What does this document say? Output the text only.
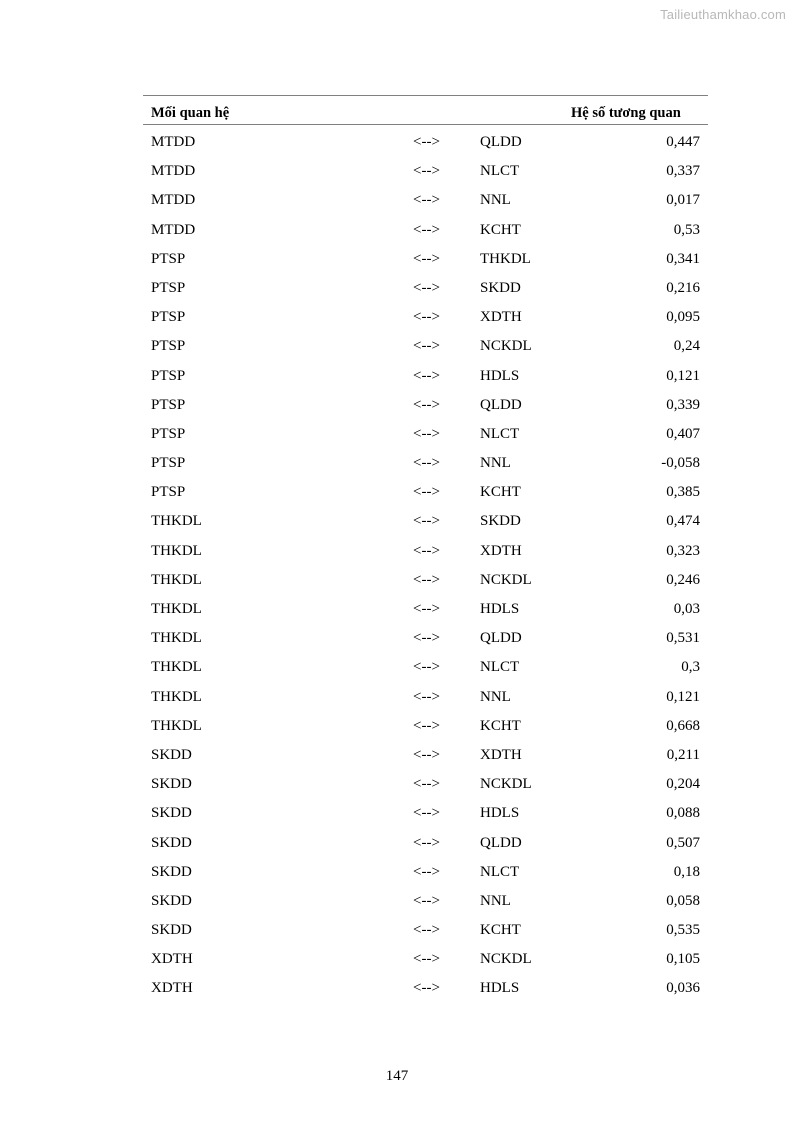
Tailieuthamkhao.com
Mối quan hệ	Hệ số tương quan
MTDD	<-->	QLDD	0,447
MTDD	<-->	NLCT	0,337
MTDD	<-->	NNL	0,017
MTDD	<-->	KCHT	0,53
PTSP	<-->	THKDL	0,341
PTSP	<-->	SKDD	0,216
PTSP	<-->	XDTH	0,095
PTSP	<-->	NCKDL	0,24
PTSP	<-->	HDLS	0,121
PTSP	<-->	QLDD	0,339
PTSP	<-->	NLCT	0,407
PTSP	<-->	NNL	-0,058
PTSP	<-->	KCHT	0,385
THKDL	<-->	SKDD	0,474
THKDL	<-->	XDTH	0,323
THKDL	<-->	NCKDL	0,246
THKDL	<-->	HDLS	0,03
THKDL	<-->	QLDD	0,531
THKDL	<-->	NLCT	0,3
THKDL	<-->	NNL	0,121
THKDL	<-->	KCHT	0,668
SKDD	<-->	XDTH	0,211
SKDD	<-->	NCKDL	0,204
SKDD	<-->	HDLS	0,088
SKDD	<-->	QLDD	0,507
SKDD	<-->	NLCT	0,18
SKDD	<-->	NNL	0,058
SKDD	<-->	KCHT	0,535
XDTH	<-->	NCKDL	0,105
XDTH	<-->	HDLS	0,036
147
